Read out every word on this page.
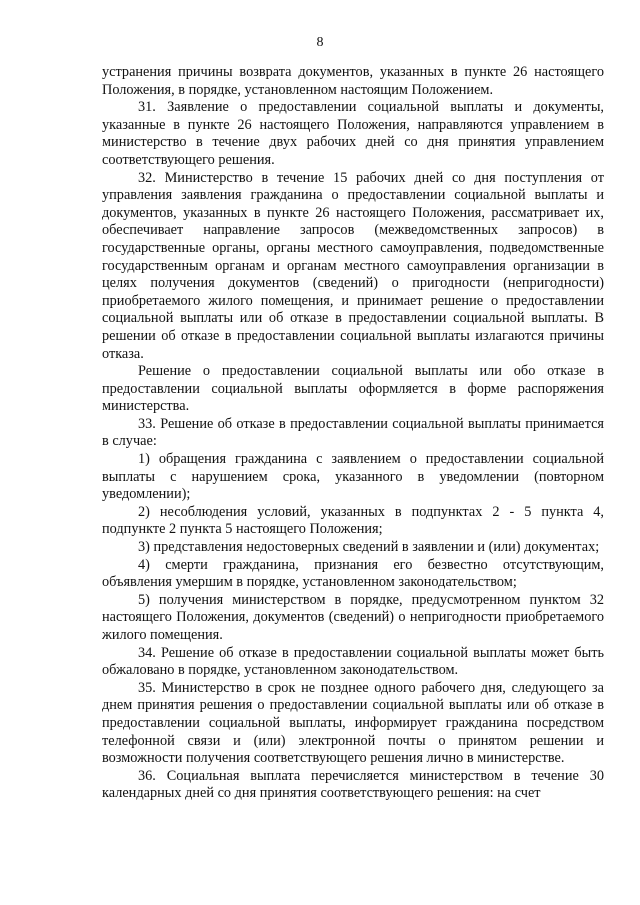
8

устранения причины возврата документов, указанных в пункте 26 настоящего Положения, в порядке, установленном настоящим Положением.

31. Заявление о предоставлении социальной выплаты и документы, указанные в пункте 26 настоящего Положения, направляются управлением в министерство в течение двух рабочих дней со дня принятия управлением соответствующего решения.

32. Министерство в течение 15 рабочих дней со дня поступления от управления заявления гражданина о предоставлении социальной выплаты и документов, указанных в пункте 26 настоящего Положения, рассматривает их, обеспечивает направление запросов (межведомственных запросов) в государственные органы, органы местного самоуправления, подведомственные государственным органам и органам местного самоуправления организации в целях получения документов (сведений) о пригодности (непригодности) приобретаемого жилого помещения, и принимает решение о предоставлении социальной выплаты или об отказе в предоставлении социальной выплаты. В решении об отказе в предоставлении социальной выплаты излагаются причины отказа.

Решение о предоставлении социальной выплаты или обо отказе в предоставлении социальной выплаты оформляется в форме распоряжения министерства.

33. Решение об отказе в предоставлении социальной выплаты принимается в случае:

1) обращения гражданина с заявлением о предоставлении социальной выплаты с нарушением срока, указанного в уведомлении (повторном уведомлении);

2) несоблюдения условий, указанных в подпунктах 2 - 5 пункта 4, подпункте 2 пункта 5 настоящего Положения;

3) представления недостоверных сведений в заявлении и (или) документах;

4) смерти гражданина, признания его безвестно отсутствующим, объявления умершим в порядке, установленном законодательством;

5) получения министерством в порядке, предусмотренном пунктом 32 настоящего Положения, документов (сведений) о непригодности приобретаемого жилого помещения.

34. Решение об отказе в предоставлении социальной выплаты может быть обжаловано в порядке, установленном законодательством.

35. Министерство в срок не позднее одного рабочего дня, следующего за днем принятия решения о предоставлении социальной выплаты или об отказе в предоставлении социальной выплаты, информирует гражданина посредством телефонной связи и (или) электронной почты о принятом решении и возможности получения соответствующего решения лично в министерстве.

36. Социальная выплата перечисляется министерством в течение 30 календарных дней со дня принятия соответствующего решения: на счет
